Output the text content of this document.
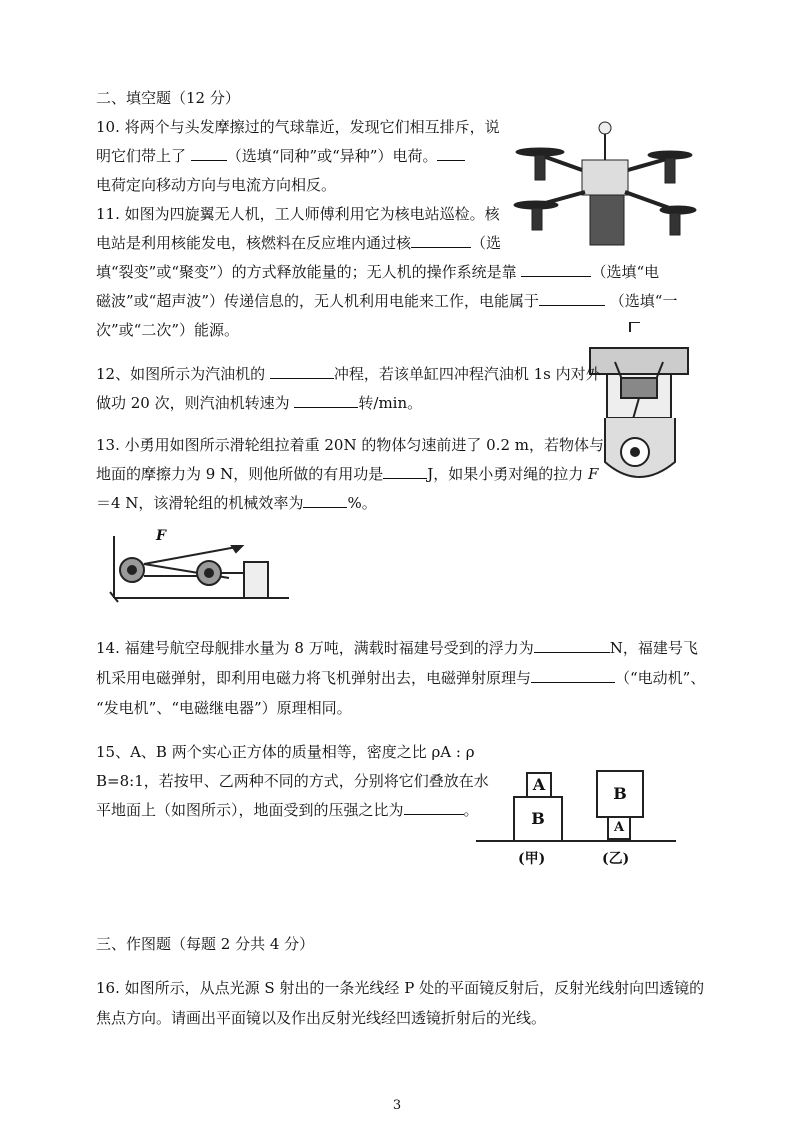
二、填空题（12 分）
10. 将两个与头发摩擦过的气球靠近，发现它们相互排斥，说
明它们带上了 （选填“同种”或“异种”）电荷。
电荷定向移动方向与电流方向相反。
11. 如图为四旋翼无人机，工人师傅利用它为核电站巡检。核
电站是利用核能发电，核燃料在反应堆内通过核	（选
填“裂变”或“聚变”）的方式释放能量的；无人机的操作系统是靠	（选填“电
磁波”或“超声波”）传递信息的，无人机利用电能来工作，电能属于	（选填“一
次”或“二次”）能源。
12、如图所示为汽油机的	冲程，若该单缸四冲程汽油机 1s 内对外
做功 20 次，则汽油机转速为	转/min。
13. 小勇用如图所示滑轮组拉着重 20N 的物体匀速前进了 0.2 m，若物体与
地面的摩擦力为 9 N，则他所做的有用功是	J，如果小勇对绳的拉力 F
＝4 N，该滑轮组的机械效率为	%。
F
14. 福建号航空母舰排水量为 8 万吨，满载时福建号受到的浮力为	N，福建号飞
机采用电磁弹射，即利用电磁力将飞机弹射出去，电磁弹射原理与	（“电动机”、
“发电机”、“电磁继电器”）原理相同。
15、A、B 两个实心正方体的质量相等，密度之比 ρA : ρ
B=8:1，若按甲、乙两种不同的方式，分别将它们叠放在水
平地面上（如图所示），地面受到的压强之比为	。
A
B
B
A
(甲)	(乙)
三、作图题（每题 2 分共 4 分）
16. 如图所示，从点光源 S 射出的一条光线经 P 处的平面镜反射后，反射光线射向凹透镜的
焦点方向。请画出平面镜以及作出反射光线经凹透镜折射后的光线。
3
